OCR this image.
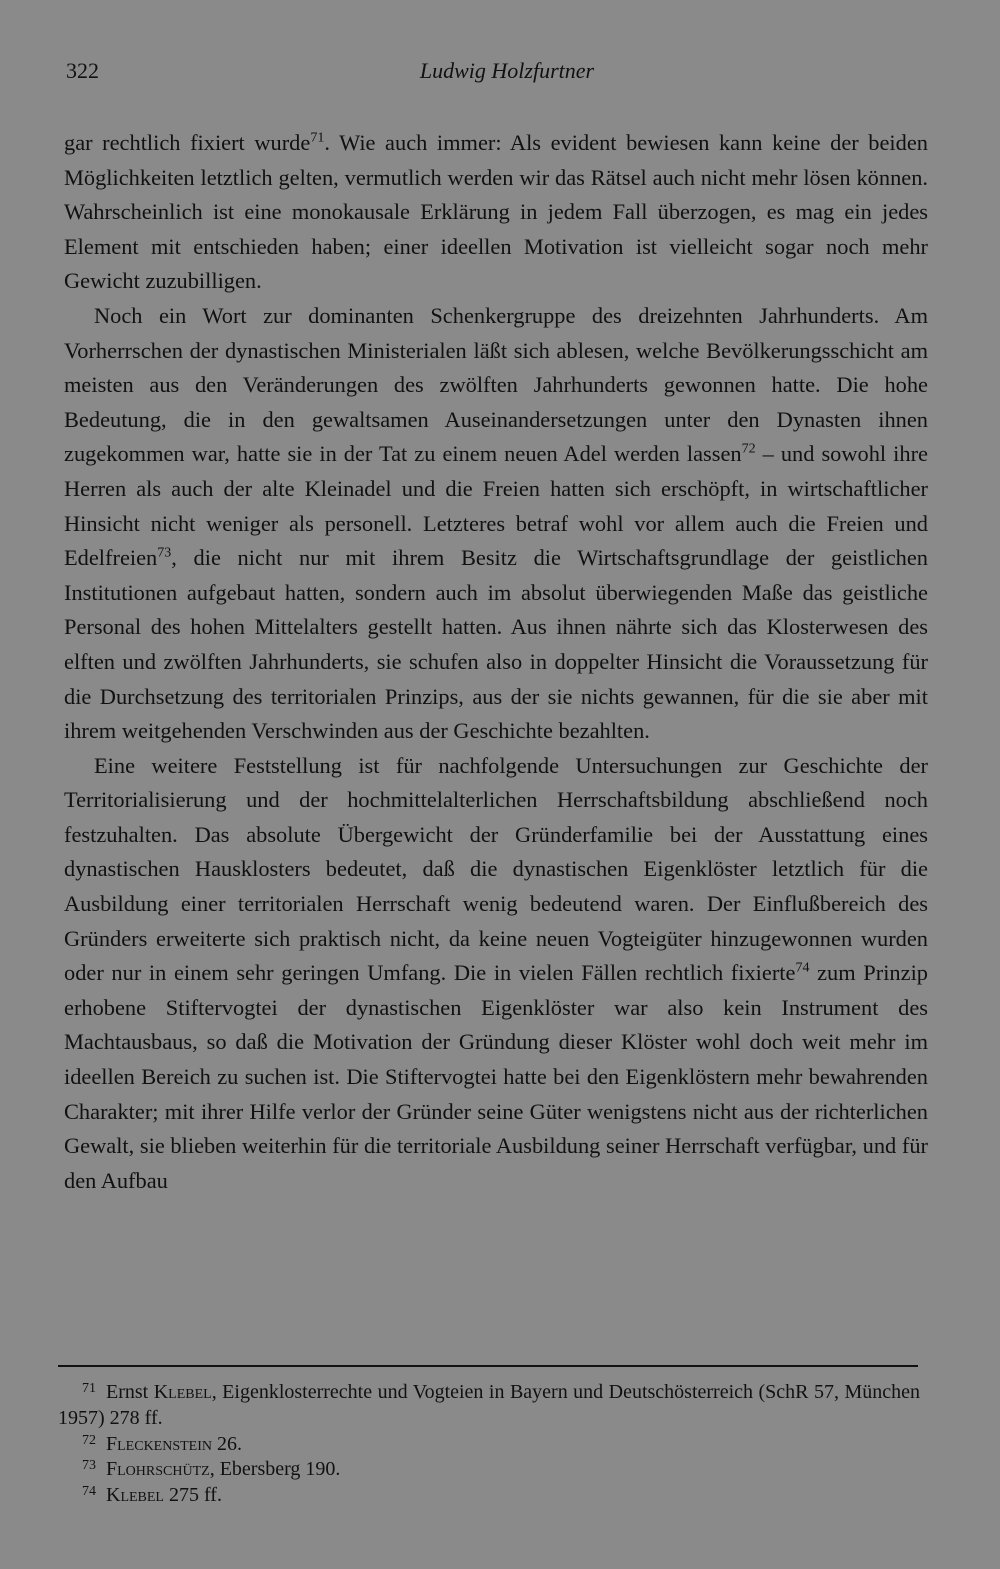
322	Ludwig Holzfurtner

gar rechtlich fixiert wurde$^{71}$. Wie auch immer: Als evident bewiesen kann keine der beiden Möglichkeiten letztlich gelten, vermutlich werden wir das Rätsel auch nicht mehr lösen können. Wahrscheinlich ist eine monokausale Erklärung in jedem Fall überzogen, es mag ein jedes Element mit entschieden haben; einer ideellen Motivation ist vielleicht sogar noch mehr Gewicht zuzubilligen.

Noch ein Wort zur dominanten Schenkergruppe des dreizehnten Jahrhunderts. Am Vorherrschen der dynastischen Ministerialen läßt sich ablesen, welche Bevölkerungsschicht am meisten aus den Veränderungen des zwölften Jahrhunderts gewonnen hatte. Die hohe Bedeutung, die in den gewaltsamen Auseinandersetzungen unter den Dynasten ihnen zugekommen war, hatte sie in der Tat zu einem neuen Adel werden lassen$^{72}$ – und sowohl ihre Herren als auch der alte Kleinadel und die Freien hatten sich erschöpft, in wirtschaftlicher Hinsicht nicht weniger als personell. Letzteres betraf wohl vor allem auch die Freien und Edelfreien$^{73}$, die nicht nur mit ihrem Besitz die Wirtschaftsgrundlage der geistlichen Institutionen aufgebaut hatten, sondern auch im absolut überwiegenden Maße das geistliche Personal des hohen Mittelalters gestellt hatten. Aus ihnen nährte sich das Klosterwesen des elften und zwölften Jahrhunderts, sie schufen also in doppelter Hinsicht die Voraussetzung für die Durchsetzung des territorialen Prinzips, aus der sie nichts gewannen, für die sie aber mit ihrem weitgehenden Verschwinden aus der Geschichte bezahlten.

Eine weitere Feststellung ist für nachfolgende Untersuchungen zur Geschichte der Territorialisierung und der hochmittelalterlichen Herrschaftsbildung abschließend noch festzuhalten. Das absolute Übergewicht der Gründerfamilie bei der Ausstattung eines dynastischen Hausklosters bedeutet, daß die dynastischen Eigenklöster letztlich für die Ausbildung einer territorialen Herrschaft wenig bedeutend waren. Der Einflußbereich des Gründers erweiterte sich praktisch nicht, da keine neuen Vogteigüter hinzugewonnen wurden oder nur in einem sehr geringen Umfang. Die in vielen Fällen rechtlich fixierte$^{74}$ zum Prinzip erhobene Stiftervogtei der dynastischen Eigenklöster war also kein Instrument des Machtausbaus, so daß die Motivation der Gründung dieser Klöster wohl doch weit mehr im ideellen Bereich zu suchen ist. Die Stiftervogtei hatte bei den Eigenklöstern mehr bewahrenden Charakter; mit ihrer Hilfe verlor der Gründer seine Güter wenigstens nicht aus der richterlichen Gewalt, sie blieben weiterhin für die territoriale Ausbildung seiner Herrschaft verfügbar, und für den Aufbau

71 Ernst Klebel, Eigenklosterrechte und Vogteien in Bayern und Deutschösterreich (SchR 57, München 1957) 278 ff.

72 Fleckenstein 26.

73 Flohrschütz, Ebersberg 190.

74 Klebel 275 ff.
